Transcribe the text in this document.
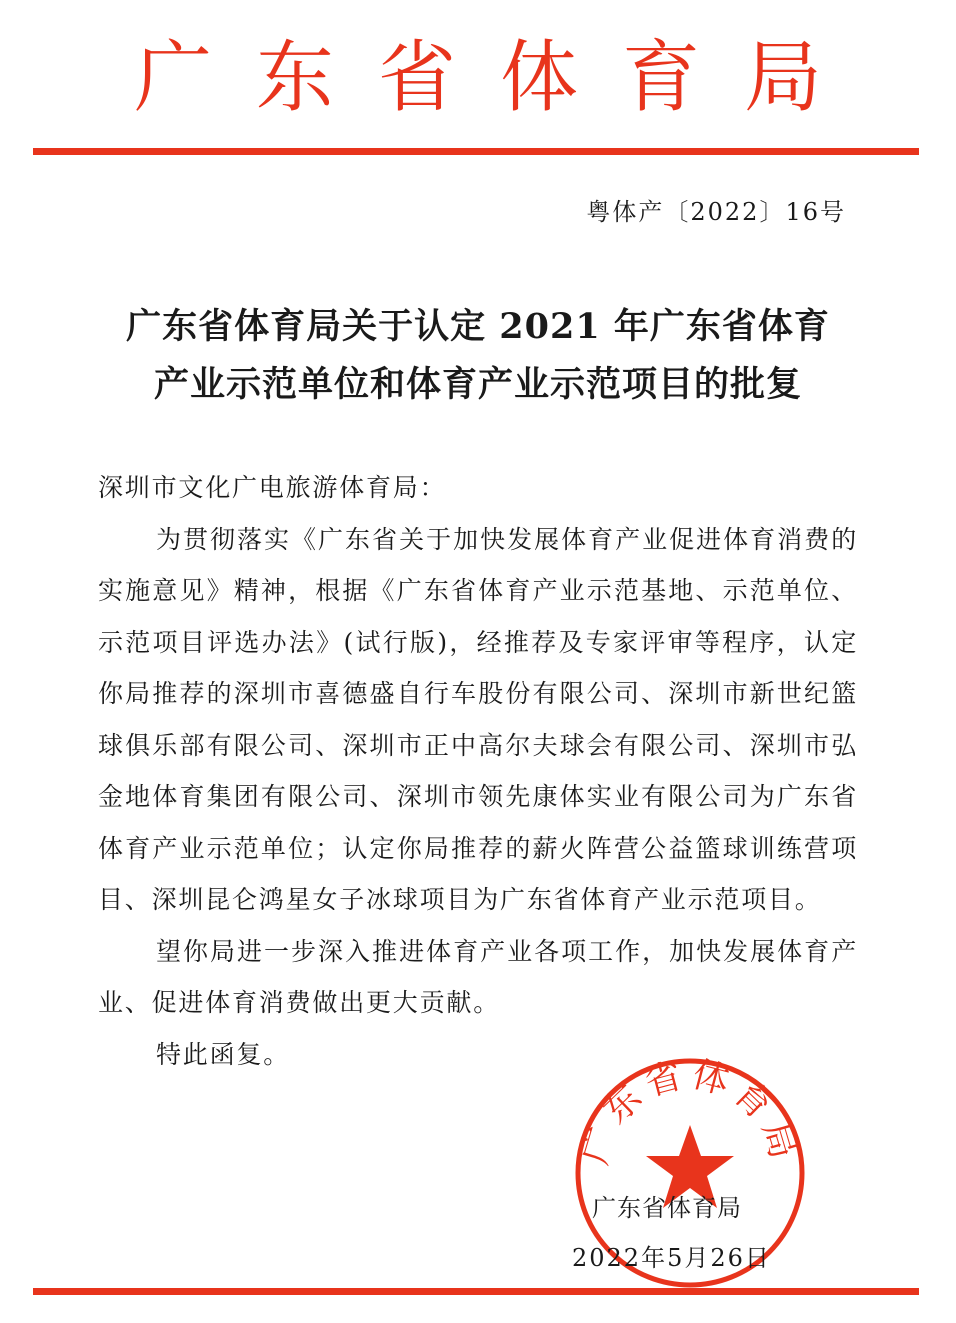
广东省体育局
粤体产〔2022〕16号
广东省体育局关于认定 2021 年广东省体育
产业示范单位和体育产业示范项目的批复

深圳市文化广电旅游体育局：

为贯彻落实《广东省关于加快发展体育产业促进体育消费的实施意见》精神，根据《广东省体育产业示范基地、示范单位、示范项目评选办法》(试行版)，经推荐及专家评审等程序，认定你局推荐的深圳市喜德盛自行车股份有限公司、深圳市新世纪篮球俱乐部有限公司、深圳市正中高尔夫球会有限公司、深圳市弘金地体育集团有限公司、深圳市领先康体实业有限公司为广东省体育产业示范单位；认定你局推荐的薪火阵营公益篮球训练营项目、深圳昆仑鸿星女子冰球项目为广东省体育产业示范项目。

望你局进一步深入推进体育产业各项工作，加快发展体育产业、促进体育消费做出更大贡献。

特此函复。

广东省体育局
广东省体育局
2022年5月26日
